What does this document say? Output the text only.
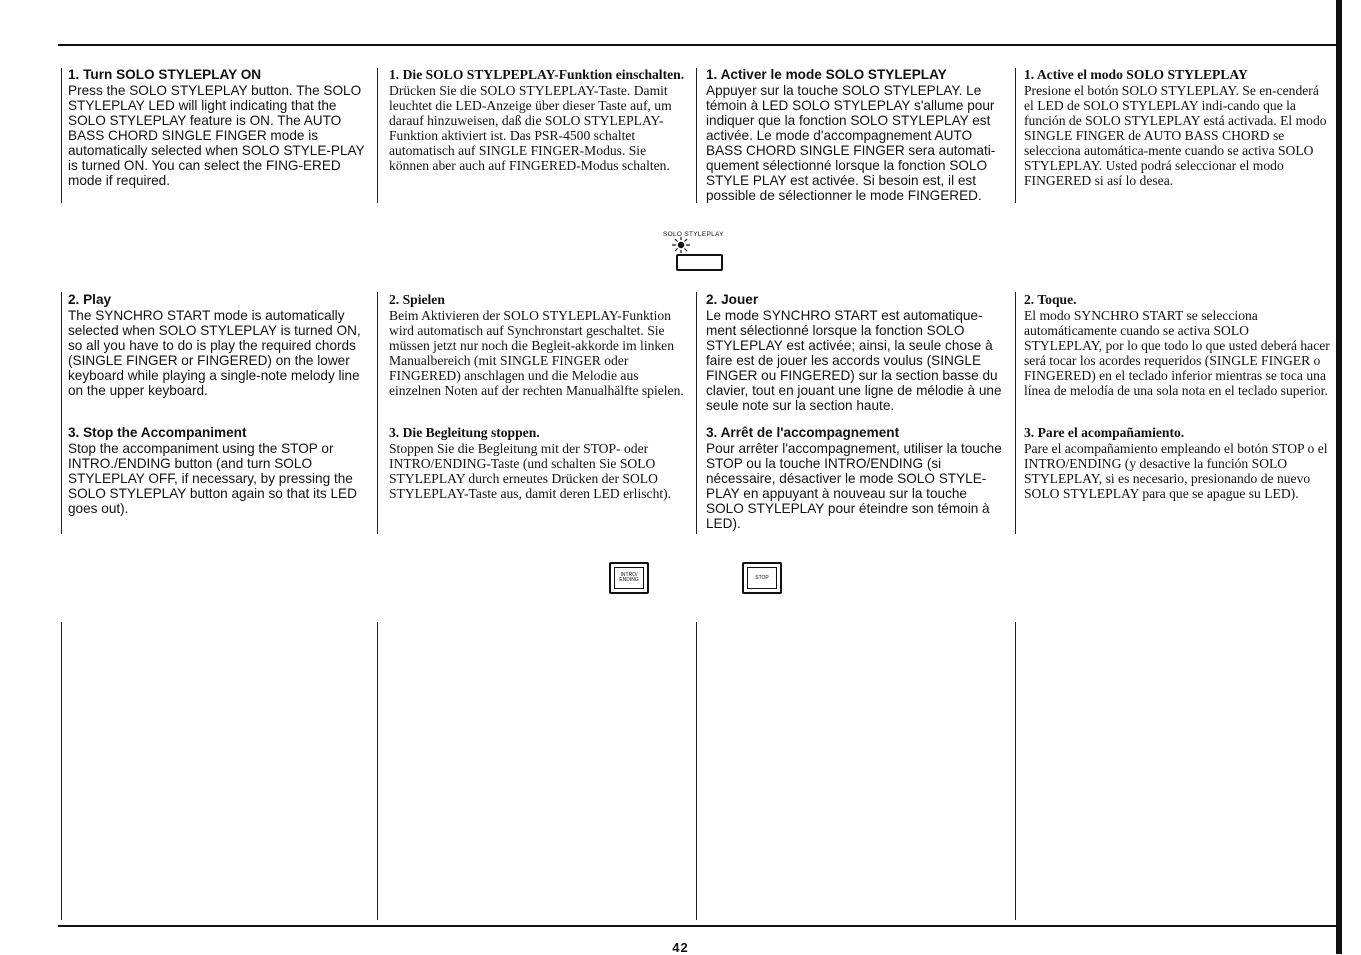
1. Turn SOLO STYLEPLAY ON

Press the SOLO STYLEPLAY button. The SOLO STYLEPLAY LED will light indicating that the SOLO STYLEPLAY feature is ON. The AUTO BASS CHORD SINGLE FINGER mode is automatically selected when SOLO STYLE-PLAY is turned ON. You can select the FING-ERED mode if required.

2. Play

The SYNCHRO START mode is automatically selected when SOLO STYLEPLAY is turned ON, so all you have to do is play the required chords (SINGLE FINGER or FINGERED) on the lower keyboard while playing a single-note melody line on the upper keyboard.

3. Stop the Accompaniment

Stop the accompaniment using the STOP or INTRO./ENDING button (and turn SOLO STYLEPLAY OFF, if necessary, by pressing the SOLO STYLEPLAY button again so that its LED goes out).

1. Die SOLO STYLPEPLAY-Funktion einschalten.

Drücken Sie die SOLO STYLEPLAY-Taste. Damit leuchtet die LED-Anzeige über dieser Taste auf, um darauf hinzuweisen, daß die SOLO STYLEPLAY-Funktion aktiviert ist. Das PSR-4500 schaltet automatisch auf SINGLE FINGER-Modus. Sie können aber auch auf FINGERED-Modus schalten.

2. Spielen

Beim Aktivieren der SOLO STYLEPLAY-Funktion wird automatisch auf Synchronstart geschaltet. Sie müssen jetzt nur noch die Begleit-akkorde im linken Manualbereich (mit SINGLE FINGER oder FINGERED) anschlagen und die Melodie aus einzelnen Noten auf der rechten Manualhälfte spielen.

3. Die Begleitung stoppen.

Stoppen Sie die Begleitung mit der STOP- oder INTRO/ENDING-Taste (und schalten Sie SOLO STYLEPLAY durch erneutes Drücken der SOLO STYLEPLAY-Taste aus, damit deren LED erlischt).

1. Activer le mode SOLO STYLEPLAY

Appuyer sur la touche SOLO STYLEPLAY. Le témoin à LED SOLO STYLEPLAY s'allume pour indiquer que la fonction SOLO STYLEPLAY est activée. Le mode d'accompagnement AUTO BASS CHORD SINGLE FINGER sera automati-quement sélectionné lorsque la fonction SOLO STYLE PLAY est activée. Si besoin est, il est possible de sélectionner le mode FINGERED.

2. Jouer

Le mode SYNCHRO START est automatique-ment sélectionné lorsque la fonction SOLO STYLEPLAY est activée; ainsi, la seule chose à faire est de jouer les accords voulus (SINGLE FINGER ou FINGERED) sur la section basse du clavier, tout en jouant une ligne de mélodie à une seule note sur la section haute.

3. Arrêt de l'accompagnement

Pour arrêter l'accompagnement, utiliser la touche STOP ou la touche INTRO/ENDING (si nécessaire, désactiver le mode SOLO STYLE-PLAY en appuyant à nouveau sur la touche SOLO STYLEPLAY pour éteindre son témoin à LED).

1. Active el modo SOLO STYLEPLAY

Presione el botón SOLO STYLEPLAY. Se en-cenderá el LED de SOLO STYLEPLAY indi-cando que la función de SOLO STYLEPLAY está activada. El modo SINGLE FINGER de AUTO BASS CHORD se selecciona automática-mente cuando se activa SOLO STYLEPLAY. Usted podrá seleccionar el modo FINGERED si así lo desea.

2. Toque.

El modo SYNCHRO START se selecciona automáticamente cuando se activa SOLO STYLEPLAY, por lo que todo lo que usted deberá hacer será tocar los acordes requeridos (SINGLE FINGER o FINGERED) en el teclado inferior mientras se toca una línea de melodía de una sola nota en el teclado superior.

3. Pare el acompañamiento.

Pare el acompañamiento empleando el botón STOP o el INTRO/ENDING (y desactive la función SOLO STYLEPLAY, si es necesario, presionando de nuevo SOLO STYLEPLAY para que se apague su LED).

SOLO STYLEPLAY
INTRO/ ENDING	STOP
42
